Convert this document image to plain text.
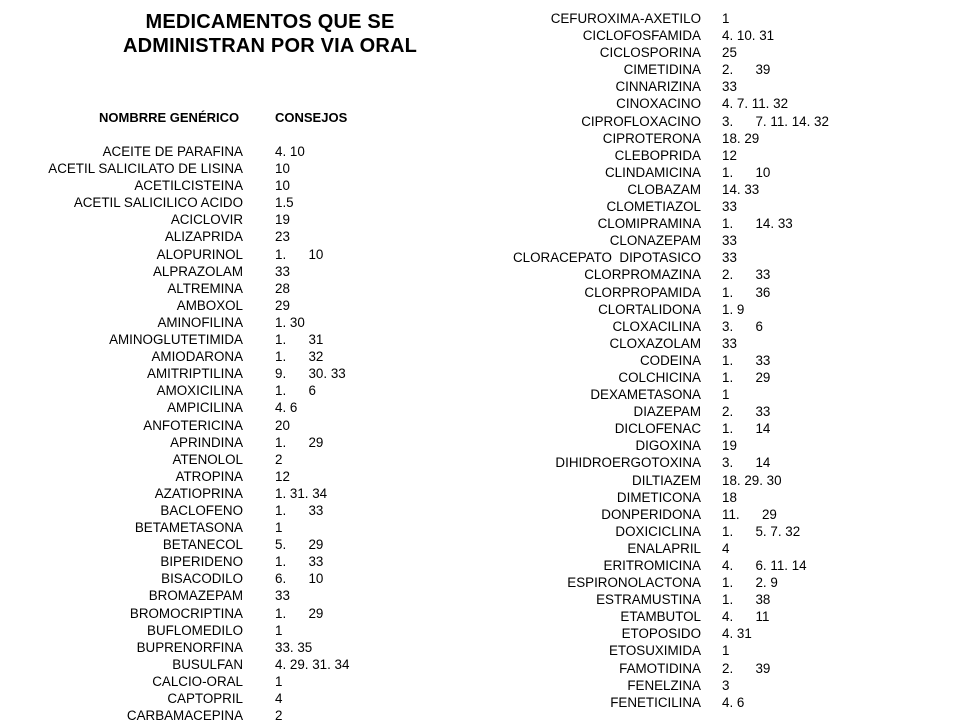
MEDICAMENTOS QUE SE
ADMINISTRAN POR VIA ORAL
NOMBRRE GENÉRICO	CONSEJOS
ACEITE DE PARAFINA 4. 10
ACETIL SALICILATO DE LISINA 10
ACETILCISTEINA 10
ACETIL SALICILICO ACIDO 1.5
ACICLOVIR 19
ALIZAPRIDA 23
ALOPURINOL 1.      10
ALPRAZOLAM 33
ALTREMINA 28
AMBOXOL 29
AMINOFILINA 1. 30
AMINOGLUTETIMIDA 1.      31
AMIODARONA 1.      32
AMITRIPTILINA 9.      30. 33
AMOXICILINA 1.      6
AMPICILINA 4. 6
ANFOTERICINA 20
APRINDINA 1.      29
ATENOLOL 2
ATROPINA 12
AZATIOPRINA 1. 31. 34
BACLOFENO 1.      33
BETAMETASONA 1
BETANECOL 5.      29
BIPERIDENO 1.      33
BISACODILO 6.      10
BROMAZEPAM 33
BROMOCRIPTINA 1.      29
BUFLOMEDILO 1
BUPRENORFINA 33. 35
BUSULFAN 4. 29. 31. 34
CALCIO-ORAL 1
CAPTOPRIL 4
CARBAMACEPINA 2
CEFUROXIMA-AXETILO 1
CICLOFOSFAMIDA 4. 10. 31
CICLOSPORINA 25
CIMETIDINA 2.      39
CINNARIZINA 33
CINOXACINO 4. 7. 11. 32
CIPROFLOXACINO 3.      7. 11. 14. 32
CIPROTERONA 18. 29
CLEBOPRIDA 12
CLINDAMICINA 1.      10
CLOBAZAM 14. 33
CLOMETIAZOL 33
CLOMIPRAMINA 1.      14. 33
CLONAZEPAM 33
CLORACEPATO  DIPOTASICO 33
CLORPROMAZINA 2.      33
CLORPROPAMIDA 1.      36
CLORTALIDONA 1. 9
CLOXACILINA 3.      6
CLOXAZOLAM 33
CODEINA 1.      33
COLCHICINA 1.      29
DEXAMETASONA 1
DIAZEPAM 2.      33
DICLOFENAC 1.      14
DIGOXINA 19
DIHIDROERGOTOXINA 3.      14
DILTIAZEM 18. 29. 30
DIMETICONA 18
DONPERIDONA 11.      29
DOXICICLINA 1.      5. 7. 32
ENALAPRIL 4
ERITROMICINA 4.      6. 11. 14
ESPIRONOLACTONA 1.      2. 9
ESTRAMUSTINA 1.      38
ETAMBUTOL 4.      11
ETOPOSIDO 4. 31
ETOSUXIMIDA 1
FAMOTIDINA 2.      39
FENELZINA 3
FENETICILINA 4. 6
